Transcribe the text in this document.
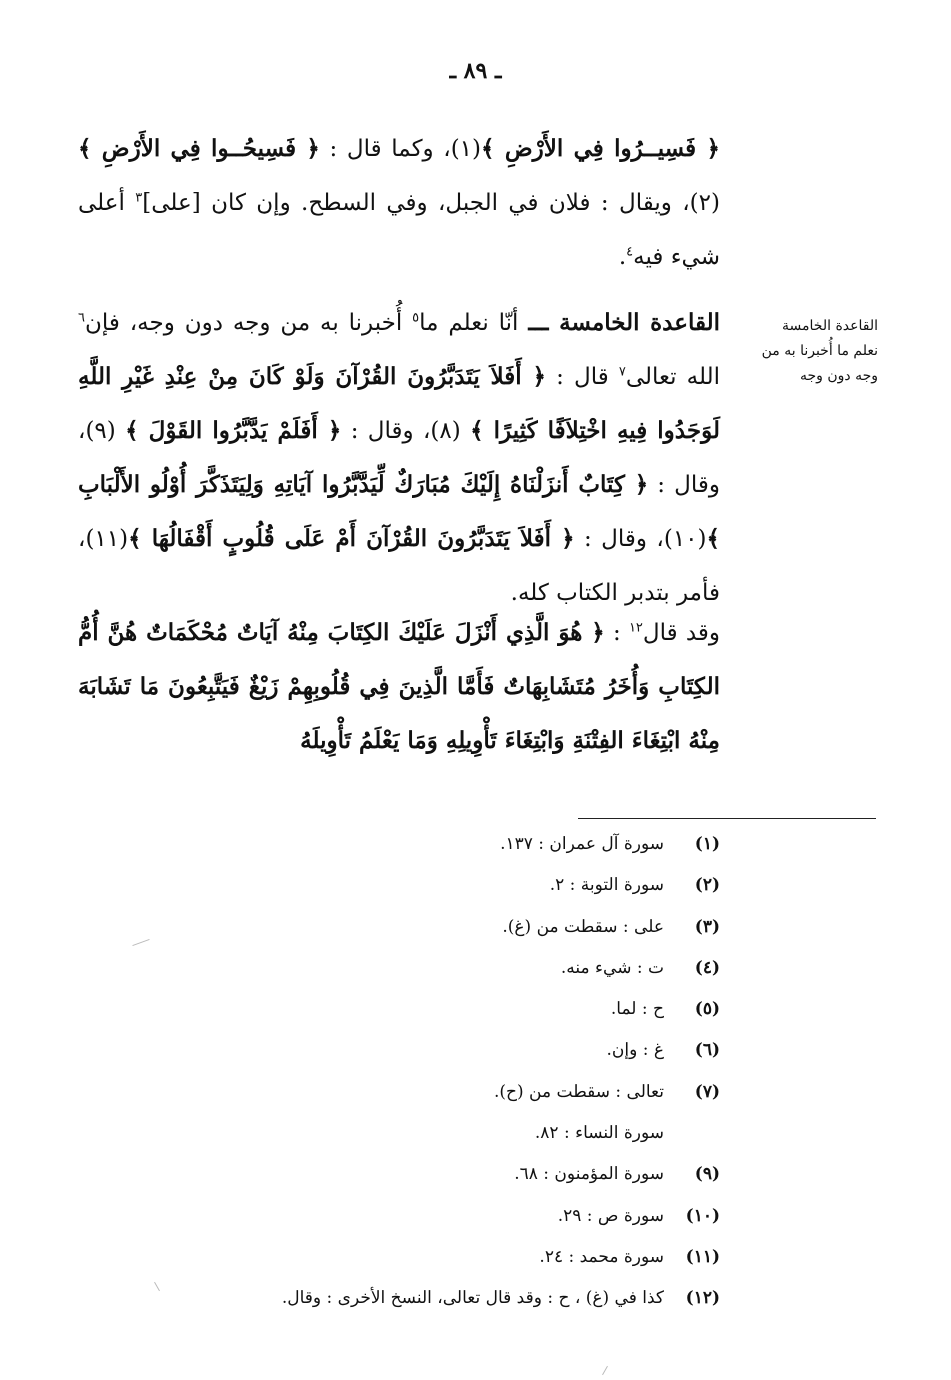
ـ ٨٩ ـ
﴿ فَسِيــرُوا فِي الأَرْضِ ﴾(١)، وكما قال : ﴿ فَسِيحُــوا فِي الأَرْضِ ﴾(٢)، ويقال : فلان في الجبل، وفي السطح. وإن كان [على]$^٣$ أعلى شيء فيه$^٤$.
القاعدة الخامسة ـــ أنّا نعلم ما$^٥$ أُخبرنا به من وجه دون وجه، فإن$^٦$ الله تعالى$^٧$ قال : ﴿ أَفَلاَ يَتَدَبَّرُونَ القُرْآنَ وَلَوْ كَانَ مِنْ عِنْدِ غَيْرِ اللَّهِ لَوَجَدُوا فِيهِ اخْتِلاَفًا كَثِيرًا ﴾ (٨)، وقال : ﴿ أَفَلَمْ يَدَّبَّرُوا القَوْلَ ﴾ (٩)، وقال : ﴿ كِتَابٌ أَنزَلْنَاهُ إِلَيْكَ مُبَارَكٌ لِّيَدَّبَّرُوا آيَاتِهِ وَلِيَتَذَكَّرَ أُوْلُو الأَلْبَابِ ﴾(١٠)، وقال : ﴿ أَفَلاَ يَتَدَبَّرُونَ القُرْآنَ أَمْ عَلَى قُلُوبٍ أَقْفَالُهَا ﴾(١١)، فأمر بتدبر الكتاب كله.
وقد قال$^{١٢}$ : ﴿ هُوَ الَّذِي أَنْزَلَ عَلَيْكَ الكِتَابَ مِنْهُ آيَاتٌ مُحْكَمَاتٌ هُنَّ أُمُّ الكِتَابِ وَأُخَرُ مُتَشَابِهَاتٌ فَأَمَّا الَّذِينَ فِي قُلُوبِهِمْ زَيْغٌ فَيَتَّبِعُونَ مَا تَشَابَهَ مِنْهُ ابْتِغَاءَ الفِتْنَةِ وَابْتِغَاءَ تَأْوِيلِهِ وَمَا يَعْلَمُ تَأْوِيلَهُ
القاعدة الخامسة
نعلم ما أُخبرنا به من
وجه دون وجه
(١)
سورة آل عمران : ١٣٧.
(٢)
سورة التوبة : ٢.
(٣)
على : سقطت من (غ).
(٤)
ت : شيء منه.
(٥)
ح : لما.
(٦)
غ : وإن.
(٧)
تعالى : سقطت من (ح).
سورة النساء : ٨٢.
(٩)
سورة المؤمنون : ٦٨.
(١٠)
سورة ص : ٢٩.
(١١)
سورة محمد : ٢٤.
(١٢)
كذا في (غ) ، ح : وقد قال تعالى، النسخ الأخرى : وقال.
